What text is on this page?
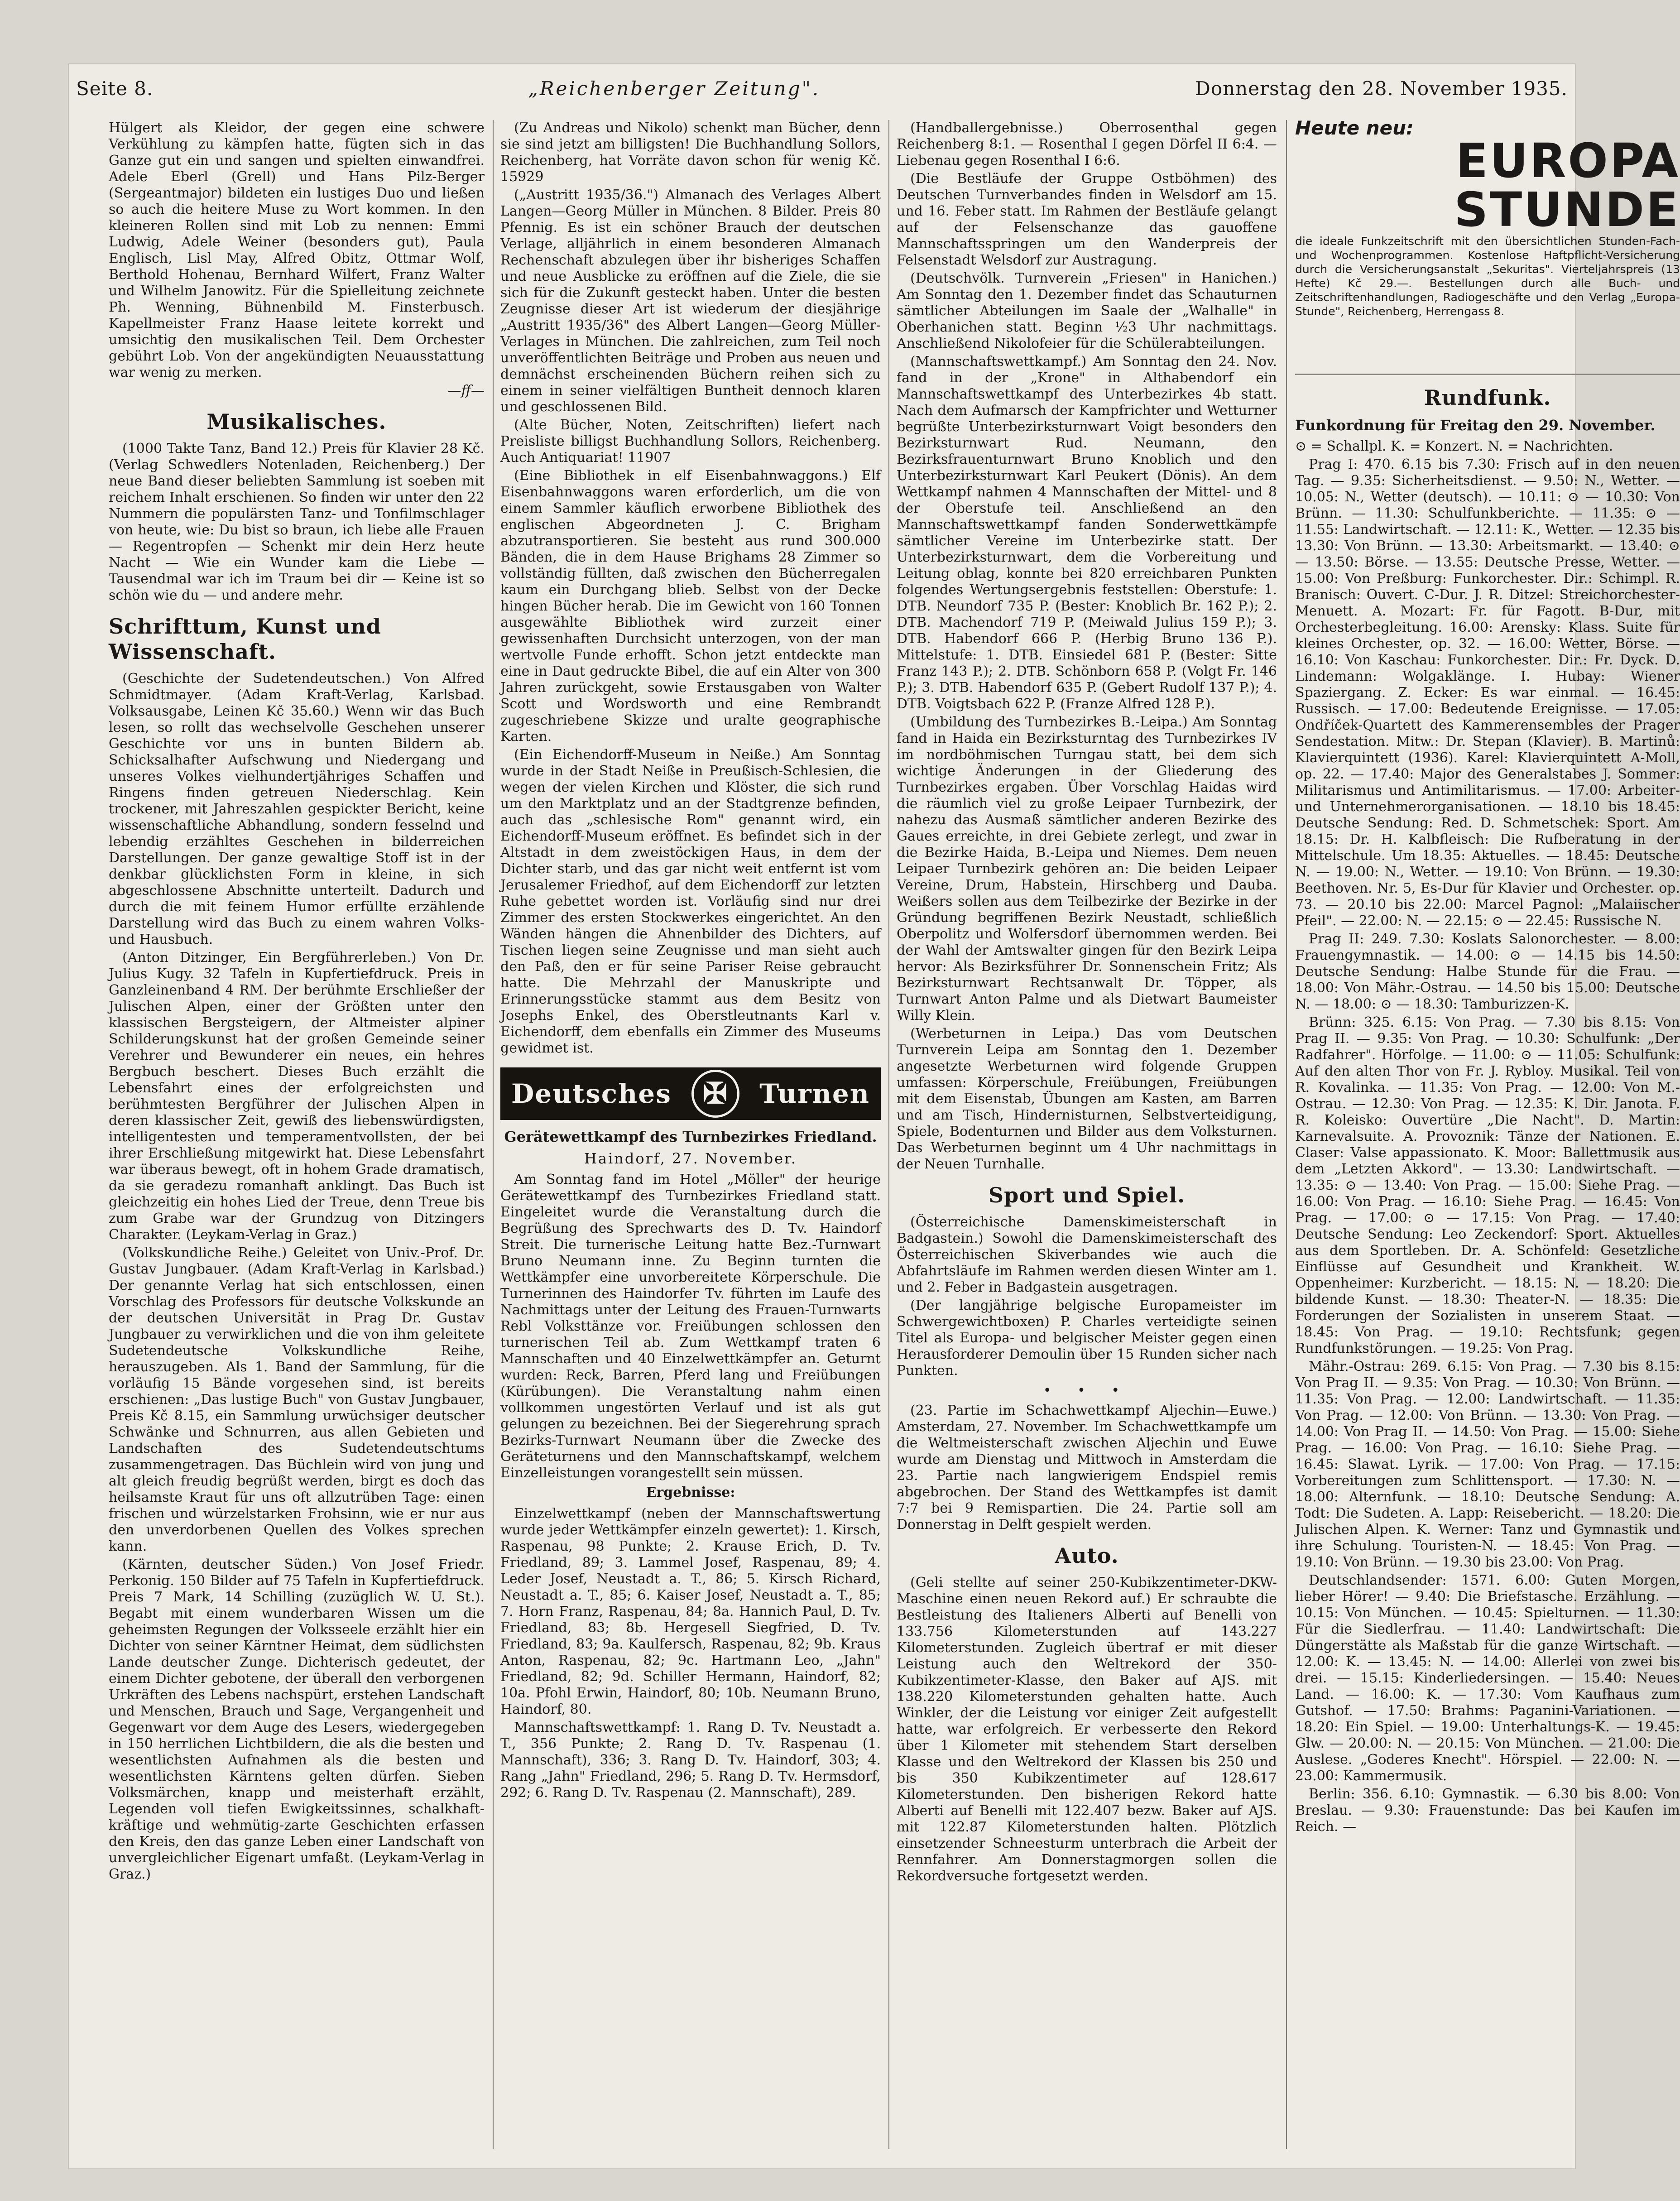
Seite 8.	„Reichenberger Zeitung".	Donnerstag den 28. November 1935.

Hülgert als Kleidor, der gegen eine schwere Verkühlung zu kämpfen hatte, fügten sich in das Ganze gut ein und sangen und spielten einwandfrei. Adele Eberl (Grell) und Hans Pilz-Berger (Sergeantmajor) bildeten ein lustiges Duo und ließen so auch die heitere Muse zu Wort kommen. In den kleineren Rollen sind mit Lob zu nennen: Emmi Ludwig, Adele Weiner (besonders gut), Paula Englisch, Lisl May, Alfred Obitz, Ottmar Wolf, Berthold Hohenau, Bernhard Wilfert, Franz Walter und Wilhelm Janowitz. Für die Spielleitung zeichnete Ph. Wenning, Bühnenbild M. Finsterbusch. Kapellmeister Franz Haase leitete korrekt und umsichtig den musikalischen Teil. Dem Orchester gebührt Lob. Von der angekündigten Neuausstattung war wenig zu merken.

—ff—
Musikalisches.

(1000 Takte Tanz, Band 12.) Preis für Klavier 28 Kč. (Verlag Schwedlers Notenladen, Reichenberg.) Der neue Band dieser beliebten Sammlung ist soeben mit reichem Inhalt erschienen. So finden wir unter den 22 Nummern die populärsten Tanz- und Tonfilmschlager von heute, wie: Du bist so braun, ich liebe alle Frauen — Regentropfen — Schenkt mir dein Herz heute Nacht — Wie ein Wunder kam die Liebe — Tausendmal war ich im Traum bei dir — Keine ist so schön wie du — und andere mehr.

Schrifttum, Kunst und Wissenschaft.

(Geschichte der Sudetendeutschen.) Von Alfred Schmidtmayer. (Adam Kraft-Verlag, Karlsbad. Volksausgabe, Leinen Kč 35.60.) Wenn wir das Buch lesen, so rollt das wechselvolle Geschehen unserer Geschichte vor uns in bunten Bildern ab. Schicksalhafter Aufschwung und Niedergang und unseres Volkes vielhundertjähriges Schaffen und Ringens finden getreuen Niederschlag. Kein trockener, mit Jahreszahlen gespickter Bericht, keine wissenschaftliche Abhandlung, sondern fesselnd und lebendig erzähltes Geschehen in bilderreichen Darstellungen. Der ganze gewaltige Stoff ist in der denkbar glücklichsten Form in kleine, in sich abgeschlossene Abschnitte unterteilt. Dadurch und durch die mit feinem Humor erfüllte erzählende Darstellung wird das Buch zu einem wahren Volks- und Hausbuch.

(Anton Ditzinger, Ein Bergführerleben.) Von Dr. Julius Kugy. 32 Tafeln in Kupfertiefdruck. Preis in Ganzleinenband 4 RM. Der berühmte Erschließer der Julischen Alpen, einer der Größten unter den klassischen Bergsteigern, der Altmeister alpiner Schilderungskunst hat der großen Gemeinde seiner Verehrer und Bewunderer ein neues, ein hehres Bergbuch beschert. Dieses Buch erzählt die Lebensfahrt eines der erfolgreichsten und berühmtesten Bergführer der Julischen Alpen in deren klassischer Zeit, gewiß des liebenswürdigsten, intelligentesten und temperamentvollsten, der bei ihrer Erschließung mitgewirkt hat. Diese Lebensfahrt war überaus bewegt, oft in hohem Grade dramatisch, da sie geradezu romanhaft anklingt. Das Buch ist gleichzeitig ein hohes Lied der Treue, denn Treue bis zum Grabe war der Grundzug von Ditzingers Charakter. (Leykam-Verlag in Graz.)

(Volkskundliche Reihe.) Geleitet von Univ.-Prof. Dr. Gustav Jungbauer. (Adam Kraft-Verlag in Karlsbad.) Der genannte Verlag hat sich entschlossen, einen Vorschlag des Professors für deutsche Volkskunde an der deutschen Universität in Prag Dr. Gustav Jungbauer zu verwirklichen und die von ihm geleitete Sudetendeutsche Volkskundliche Reihe, herauszugeben. Als 1. Band der Sammlung, für die vorläufig 15 Bände vorgesehen sind, ist bereits erschienen: „Das lustige Buch" von Gustav Jungbauer, Preis Kč 8.15, ein Sammlung urwüchsiger deutscher Schwänke und Schnurren, aus allen Gebieten und Landschaften des Sudetendeutschtums zusammengetragen. Das Büchlein wird von jung und alt gleich freudig begrüßt werden, birgt es doch das heilsamste Kraut für uns oft allzutrüben Tage: einen frischen und würzelstarken Frohsinn, wie er nur aus den unverdorbenen Quellen des Volkes sprechen kann.

(Kärnten, deutscher Süden.) Von Josef Friedr. Perkonig. 150 Bilder auf 75 Tafeln in Kupfertiefdruck. Preis 7 Mark, 14 Schilling (zuzüglich W. U. St.). Begabt mit einem wunderbaren Wissen um die geheimsten Regungen der Volksseele erzählt hier ein Dichter von seiner Kärntner Heimat, dem südlichsten Lande deutscher Zunge. Dichterisch gedeutet, der einem Dichter gebotene, der überall den verborgenen Urkräften des Lebens nachspürt, erstehen Landschaft und Menschen, Brauch und Sage, Vergangenheit und Gegenwart vor dem Auge des Lesers, wiedergegeben in 150 herrlichen Lichtbildern, die als die besten und wesentlichsten Aufnahmen als die besten und wesentlichsten Kärntens gelten dürfen. Sieben Volksmärchen, knapp und meisterhaft erzählt, Legenden voll tiefen Ewigkeitssinnes, schalkhaft-kräftige und wehmütig-zarte Geschichten erfassen den Kreis, den das ganze Leben einer Landschaft von unvergleichlicher Eigenart umfaßt. (Leykam-Verlag in Graz.)

(Zu Andreas und Nikolo) schenkt man Bücher, denn sie sind jetzt am billigsten! Die Buchhandlung Sollors, Reichenberg, hat Vorräte davon schon für wenig Kč. 15929

(„Austritt 1935/36.") Almanach des Verlages Albert Langen—Georg Müller in München. 8 Bilder. Preis 80 Pfennig. Es ist ein schöner Brauch der deutschen Verlage, alljährlich in einem besonderen Almanach Rechenschaft abzulegen über ihr bisheriges Schaffen und neue Ausblicke zu eröffnen auf die Ziele, die sie sich für die Zukunft gesteckt haben. Unter die besten Zeugnisse dieser Art ist wiederum der diesjährige „Austritt 1935/36" des Albert Langen—Georg Müller-Verlages in München. Die zahlreichen, zum Teil noch unveröffentlichten Beiträge und Proben aus neuen und demnächst erscheinenden Büchern reihen sich zu einem in seiner vielfältigen Buntheit dennoch klaren und geschlossenen Bild.

(Alte Bücher, Noten, Zeitschriften) liefert nach Preisliste billigst Buchhandlung Sollors, Reichenberg. Auch Antiquariat! 11907

(Eine Bibliothek in elf Eisenbahnwaggons.) Elf Eisenbahnwaggons waren erforderlich, um die von einem Sammler käuflich erworbene Bibliothek des englischen Abgeordneten J. C. Brigham abzutransportieren. Sie besteht aus rund 300.000 Bänden, die in dem Hause Brighams 28 Zimmer so vollständig füllten, daß zwischen den Bücherregalen kaum ein Durchgang blieb. Selbst von der Decke hingen Bücher herab. Die im Gewicht von 160 Tonnen ausgewählte Bibliothek wird zurzeit einer gewissenhaften Durchsicht unterzogen, von der man wertvolle Funde erhofft. Schon jetzt entdeckte man eine in Daut gedruckte Bibel, die auf ein Alter von 300 Jahren zurückgeht, sowie Erstausgaben von Walter Scott und Wordsworth und eine Rembrandt zugeschriebene Skizze und uralte geographische Karten.

(Ein Eichendorff-Museum in Neiße.) Am Sonntag wurde in der Stadt Neiße in Preußisch-Schlesien, die wegen der vielen Kirchen und Klöster, die sich rund um den Marktplatz und an der Stadtgrenze befinden, auch das „schlesische Rom" genannt wird, ein Eichendorff-Museum eröffnet. Es befindet sich in der Altstadt in dem zweistöckigen Haus, in dem der Dichter starb, und das gar nicht weit entfernt ist vom Jerusalemer Friedhof, auf dem Eichendorff zur letzten Ruhe gebettet worden ist. Vorläufig sind nur drei Zimmer des ersten Stockwerkes eingerichtet. An den Wänden hängen die Ahnenbilder des Dichters, auf Tischen liegen seine Zeugnisse und man sieht auch den Paß, den er für seine Pariser Reise gebraucht hatte. Die Mehrzahl der Manuskripte und Erinnerungsstücke stammt aus dem Besitz von Josephs Enkel, des Oberstleutnants Karl v. Eichendorff, dem ebenfalls ein Zimmer des Museums gewidmet ist.

Deutsches ✠ Turnen
Gerätewettkampf des Turnbezirkes Friedland.
Haindorf, 27. November.

Am Sonntag fand im Hotel „Möller" der heurige Gerätewettkampf des Turnbezirkes Friedland statt. Eingeleitet wurde die Veranstaltung durch die Begrüßung des Sprechwarts des D. Tv. Haindorf Streit. Die turnerische Leitung hatte Bez.-Turnwart Bruno Neumann inne. Zu Beginn turnten die Wettkämpfer eine unvorbereitete Körperschule. Die Turnerinnen des Haindorfer Tv. führten im Laufe des Nachmittags unter der Leitung des Frauen-Turnwarts Rebl Volksttänze vor. Freiübungen schlossen den turnerischen Teil ab. Zum Wettkampf traten 6 Mannschaften und 40 Einzelwettkämpfer an. Geturnt wurden: Reck, Barren, Pferd lang und Freiübungen (Kürübungen). Die Veranstaltung nahm einen vollkommen ungestörten Verlauf und ist als gut gelungen zu bezeichnen. Bei der Siegerehrung sprach Bezirks-Turnwart Neumann über die Zwecke des Geräteturnens und den Mannschaftskampf, welchem Einzelleistungen vorangestellt sein müssen.

Ergebnisse:

Einzelwettkampf (neben der Mannschaftswertung wurde jeder Wettkämpfer einzeln gewertet): 1. Kirsch, Raspenau, 98 Punkte; 2. Krause Erich, D. Tv. Friedland, 89; 3. Lammel Josef, Raspenau, 89; 4. Leder Josef, Neustadt a. T., 86; 5. Kirsch Richard, Neustadt a. T., 85; 6. Kaiser Josef, Neustadt a. T., 85; 7. Horn Franz, Raspenau, 84; 8a. Hannich Paul, D. Tv. Friedland, 83; 8b. Hergesell Siegfried, D. Tv. Friedland, 83; 9a. Kaulfersch, Raspenau, 82; 9b. Kraus Anton, Raspenau, 82; 9c. Hartmann Leo, „Jahn" Friedland, 82; 9d. Schiller Hermann, Haindorf, 82; 10a. Pfohl Erwin, Haindorf, 80; 10b. Neumann Bruno, Haindorf, 80.

Mannschaftswettkampf: 1. Rang D. Tv. Neustadt a. T., 356 Punkte; 2. Rang D. Tv. Raspenau (1. Mannschaft), 336; 3. Rang D. Tv. Haindorf, 303; 4. Rang „Jahn" Friedland, 296; 5. Rang D. Tv. Hermsdorf, 292; 6. Rang D. Tv. Raspenau (2. Mannschaft), 289.

(Handballergebnisse.) Oberrosenthal gegen Reichenberg 8:1. — Rosenthal I gegen Dörfel II 6:4. — Liebenau gegen Rosenthal I 6:6.

(Die Bestläufe der Gruppe Ostböhmen) des Deutschen Turnverbandes finden in Welsdorf am 15. und 16. Feber statt. Im Rahmen der Bestläufe gelangt auf der Felsenschanze das gauoffene Mannschaftsspringen um den Wanderpreis der Felsenstadt Welsdorf zur Austragung.

(Deutschvölk. Turnverein „Friesen" in Hanichen.) Am Sonntag den 1. Dezember findet das Schauturnen sämtlicher Abteilungen im Saale der „Walhalle" in Oberhanichen statt. Beginn ½3 Uhr nachmittags. Anschließend Nikolofeier für die Schülerabteilungen.

(Mannschaftswettkampf.) Am Sonntag den 24. Nov. fand in der „Krone" in Althabendorf ein Mannschaftswettkampf des Unterbezirkes 4b statt. Nach dem Aufmarsch der Kampfrichter und Wetturner begrüßte Unterbezirksturnwart Voigt besonders den Bezirksturnwart Rud. Neumann, den Bezirksfrauenturnwart Bruno Knoblich und den Unterbezirksturnwart Karl Peukert (Dönis). An dem Wettkampf nahmen 4 Mannschaften der Mittel- und 8 der Oberstufe teil. Anschließend an den Mannschaftswettkampf fanden Sonderwettkämpfe sämtlicher Vereine im Unterbezirke statt. Der Unterbezirksturnwart, dem die Vorbereitung und Leitung oblag, konnte bei 820 erreichbaren Punkten folgendes Wertungsergebnis feststellen: Oberstufe: 1. DTB. Neundorf 735 P. (Bester: Knoblich Br. 162 P.); 2. DTB. Machendorf 719 P. (Meiwald Julius 159 P.); 3. DTB. Habendorf 666 P. (Herbig Bruno 136 P.). Mittelstufe: 1. DTB. Einsiedel 681 P. (Bester: Sitte Franz 143 P.); 2. DTB. Schönborn 658 P. (Volgt Fr. 146 P.); 3. DTB. Habendorf 635 P. (Gebert Rudolf 137 P.); 4. DTB. Voigtsbach 622 P. (Franze Alfred 128 P.).

(Umbildung des Turnbezirkes B.-Leipa.) Am Sonntag fand in Haida ein Bezirksturntag des Turnbezirkes IV im nordböhmischen Turngau statt, bei dem sich wichtige Änderungen in der Gliederung des Turnbezirkes ergaben. Über Vorschlag Haidas wird die räumlich viel zu große Leipaer Turnbezirk, der nahezu das Ausmaß sämtlicher anderen Bezirke des Gaues erreichte, in drei Gebiete zerlegt, und zwar in die Bezirke Haida, B.-Leipa und Niemes. Dem neuen Leipaer Turnbezirk gehören an: Die beiden Leipaer Vereine, Drum, Habstein, Hirschberg und Dauba. Weißers sollen aus dem Teilbezirke der Bezirke in der Gründung begriffenen Bezirk Neustadt, schließlich Oberpolitz und Wolfersdorf übernommen werden. Bei der Wahl der Amtswalter gingen für den Bezirk Leipa hervor: Als Bezirksführer Dr. Sonnenschein Fritz; Als Bezirksturnwart Rechtsanwalt Dr. Töpper, als Turnwart Anton Palme und als Dietwart Baumeister Willy Klein.

(Werbeturnen in Leipa.) Das vom Deutschen Turnverein Leipa am Sonntag den 1. Dezember angesetzte Werbeturnen wird folgende Gruppen umfassen: Körperschule, Freiübungen, Freiübungen mit dem Eisenstab, Übungen am Kasten, am Barren und am Tisch, Hindernisturnen, Selbstverteidigung, Spiele, Bodenturnen und Bilder aus dem Volksturnen. Das Werbeturnen beginnt um 4 Uhr nachmittags in der Neuen Turnhalle.

Sport und Spiel.

(Österreichische Damenskimeisterschaft in Badgastein.) Sowohl die Damenskimeisterschaft des Österreichischen Skiverbandes wie auch die Abfahrtsläufe im Rahmen werden diesen Winter am 1. und 2. Feber in Badgastein ausgetragen.

(Der langjährige belgische Europameister im Schwergewichtboxen) P. Charles verteidigte seinen Titel als Europa- und belgischer Meister gegen einen Herausforderer Demoulin über 15 Runden sicher nach Punkten.

• • •

(23. Partie im Schachwettkampf Aljechin—Euwe.) Amsterdam, 27. November. Im Schachwettkampfe um die Weltmeisterschaft zwischen Aljechin und Euwe wurde am Dienstag und Mittwoch in Amsterdam die 23. Partie nach langwierigem Endspiel remis abgebrochen. Der Stand des Wettkampfes ist damit 7:7 bei 9 Remispartien. Die 24. Partie soll am Donnerstag in Delft gespielt werden.

Auto.

(Geli stellte auf seiner 250-Kubikzentimeter-DKW-Maschine einen neuen Rekord auf.) Er schraubte die Bestleistung des Italieners Alberti auf Benelli von 133.756 Kilometerstunden auf 143.227 Kilometerstunden. Zugleich übertraf er mit dieser Leistung auch den Weltrekord der 350-Kubikzentimeter-Klasse, den Baker auf AJS. mit 138.220 Kilometerstunden gehalten hatte. Auch Winkler, der die Leistung vor einiger Zeit aufgestellt hatte, war erfolgreich. Er verbesserte den Rekord über 1 Kilometer mit stehendem Start derselben Klasse und den Weltrekord der Klassen bis 250 und bis 350 Kubikzentimeter auf 128.617 Kilometerstunden. Den bisherigen Rekord hatte Alberti auf Benelli mit 122.407 bezw. Baker auf AJS. mit 122.87 Kilometerstunden halten. Plötzlich einsetzender Schneesturm unterbrach die Arbeit der Rennfahrer. Am Donnerstagmorgen sollen die Rekordversuche fortgesetzt werden.

Heute neu:
EUROPA
STUNDE
die ideale Funkzeitschrift mit den übersichtlichen Stunden-Fach- und Wochenprogrammen. Kostenlose Haftpflicht-Versicherung durch die Versicherungsanstalt „Sekuritas". Vierteljahrspreis (13 Hefte) Kč 29.—. Bestellungen durch alle Buch- und Zeitschriftenhandlungen, Radiogeschäfte und den Verlag „Europa-Stunde", Reichenberg, Herrengass 8.
Rundfunk.
Funkordnung für Freitag den 29. November.

⊙ = Schallpl. K. = Konzert. N. = Nachrichten.

Prag I: 470. 6.15 bis 7.30: Frisch auf in den neuen Tag. — 9.35: Sicherheitsdienst. — 9.50: N., Wetter. — 10.05: N., Wetter (deutsch). — 10.11: ⊙ — 10.30: Von Brünn. — 11.30: Schulfunkberichte. — 11.35: ⊙ — 11.55: Landwirtschaft. — 12.11: K., Wetter. — 12.35 bis 13.30: Von Brünn. — 13.30: Arbeitsmarkt. — 13.40: ⊙ — 13.50: Börse. — 13.55: Deutsche Presse, Wetter. — 15.00: Von Preßburg: Funkorchester. Dir.: Schimpl. R. Branisch: Ouvert. C-Dur. J. R. Ditzel: Streichorchester-Menuett. A. Mozart: Fr. für Fagott. B-Dur, mit Orchesterbegleitung. 16.00: Arensky: Klass. Suite für kleines Orchester, op. 32. — 16.00: Wetter, Börse. — 16.10: Von Kaschau: Funkorchester. Dir.: Fr. Dyck. D. Lindemann: Wolgaklänge. I. Hubay: Wiener Spaziergang. Z. Ecker: Es war einmal. — 16.45: Russisch. — 17.00: Bedeutende Ereignisse. — 17.05: Ondříček-Quartett des Kammerensembles der Prager Sendestation. Mitw.: Dr. Stepan (Klavier). B. Martinů: Klavierquintett (1936). Karel: Klavierquintett A-Moll, op. 22. — 17.40: Major des Generalstabes J. Sommer: Militarismus und Antimilitarismus. — 17.00: Arbeiter- und Unternehmerorganisationen. — 18.10 bis 18.45: Deutsche Sendung: Red. D. Schmetschek: Sport. Am 18.15: Dr. H. Kalbfleisch: Die Rufberatung in der Mittelschule. Um 18.35: Aktuelles. — 18.45: Deutsche N. — 19.00: N., Wetter. — 19.10: Von Brünn. — 19.30: Beethoven. Nr. 5, Es-Dur für Klavier und Orchester. op. 73. — 20.10 bis 22.00: Marcel Pagnol: „Malaiischer Pfeil". — 22.00: N. — 22.15: ⊙ — 22.45: Russische N.

Prag II: 249. 7.30: Koslats Salonorchester. — 8.00: Frauengymnastik. — 14.00: ⊙ — 14.15 bis 14.50: Deutsche Sendung: Halbe Stunde für die Frau. — 18.00: Von Mähr.-Ostrau. — 14.50 bis 15.00: Deutsche N. — 18.00: ⊙ — 18.30: Tamburizzen-K.

Brünn: 325. 6.15: Von Prag. — 7.30 bis 8.15: Von Prag II. — 9.35: Von Prag. — 10.30: Schulfunk: „Der Radfahrer". Hörfolge. — 11.00: ⊙ — 11.05: Schulfunk: Auf den alten Thor von Fr. J. Rybloy. Musikal. Teil von R. Kovalinka. — 11.35: Von Prag. — 12.00: Von M.-Ostrau. — 12.30: Von Prag. — 12.35: K. Dir. Janota. F. R. Koleisko: Ouvertüre „Die Nacht". D. Martin: Karnevalsuite. A. Provoznik: Tänze der Nationen. E. Claser: Valse appassionato. K. Moor: Ballettmusik aus dem „Letzten Akkord". — 13.30: Landwirtschaft. — 13.35: ⊙ — 13.40: Von Prag. — 15.00: Siehe Prag. — 16.00: Von Prag. — 16.10: Siehe Prag. — 16.45: Von Prag. — 17.00: ⊙ — 17.15: Von Prag. — 17.40: Deutsche Sendung: Leo Zeckendorf: Sport. Aktuelles aus dem Sportleben. Dr. A. Schönfeld: Gesetzliche Einflüsse auf Gesundheit und Krankheit. W. Oppenheimer: Kurzbericht. — 18.15: N. — 18.20: Die bildende Kunst. — 18.30: Theater-N. — 18.35: Die Forderungen der Sozialisten in unserem Staat. — 18.45: Von Prag. — 19.10: Rechtsfunk; gegen Rundfunkstörungen. — 19.25: Von Prag.

Mähr.-Ostrau: 269. 6.15: Von Prag. — 7.30 bis 8.15: Von Prag II. — 9.35: Von Prag. — 10.30: Von Brünn. — 11.35: Von Prag. — 12.00: Landwirtschaft. — 11.35: Von Prag. — 12.00: Von Brünn. — 13.30: Von Prag. — 14.00: Von Prag II. — 14.50: Von Prag. — 15.00: Siehe Prag. — 16.00: Von Prag. — 16.10: Siehe Prag. — 16.45: Slawat. Lyrik. — 17.00: Von Prag. — 17.15: Vorbereitungen zum Schlittensport. — 17.30: N. — 18.00: Alternfunk. — 18.10: Deutsche Sendung: A. Todt: Die Sudeten. A. Lapp: Reisebericht. — 18.20: Die Julischen Alpen. K. Werner: Tanz und Gymnastik und ihre Schulung. Touristen-N. — 18.45: Von Prag. — 19.10: Von Brünn. — 19.30 bis 23.00: Von Prag.

Deutschlandsender: 1571. 6.00: Guten Morgen, lieber Hörer! — 9.40: Die Briefstasche. Erzählung. — 10.15: Von München. — 10.45: Spielturnen. — 11.30: Für die Siedlerfrau. — 11.40: Landwirtschaft: Die Düngerstätte als Maßstab für die ganze Wirtschaft. — 12.00: K. — 13.45: N. — 14.00: Allerlei von zwei bis drei. — 15.15: Kinderliedersingen. — 15.40: Neues Land. — 16.00: K. — 17.30: Vom Kaufhaus zum Gutshof. — 17.50: Brahms: Paganini-Variationen. — 18.20: Ein Spiel. — 19.00: Unterhaltungs-K. — 19.45: Glw. — 20.00: N. — 20.15: Von München. — 21.00: Die Auslese. „Goderes Knecht". Hörspiel. — 22.00: N. — 23.00: Kammermusik.

Berlin: 356. 6.10: Gymnastik. — 6.30 bis 8.00: Von Breslau. — 9.30: Frauenstunde: Das bei Kaufen im Reich. —
